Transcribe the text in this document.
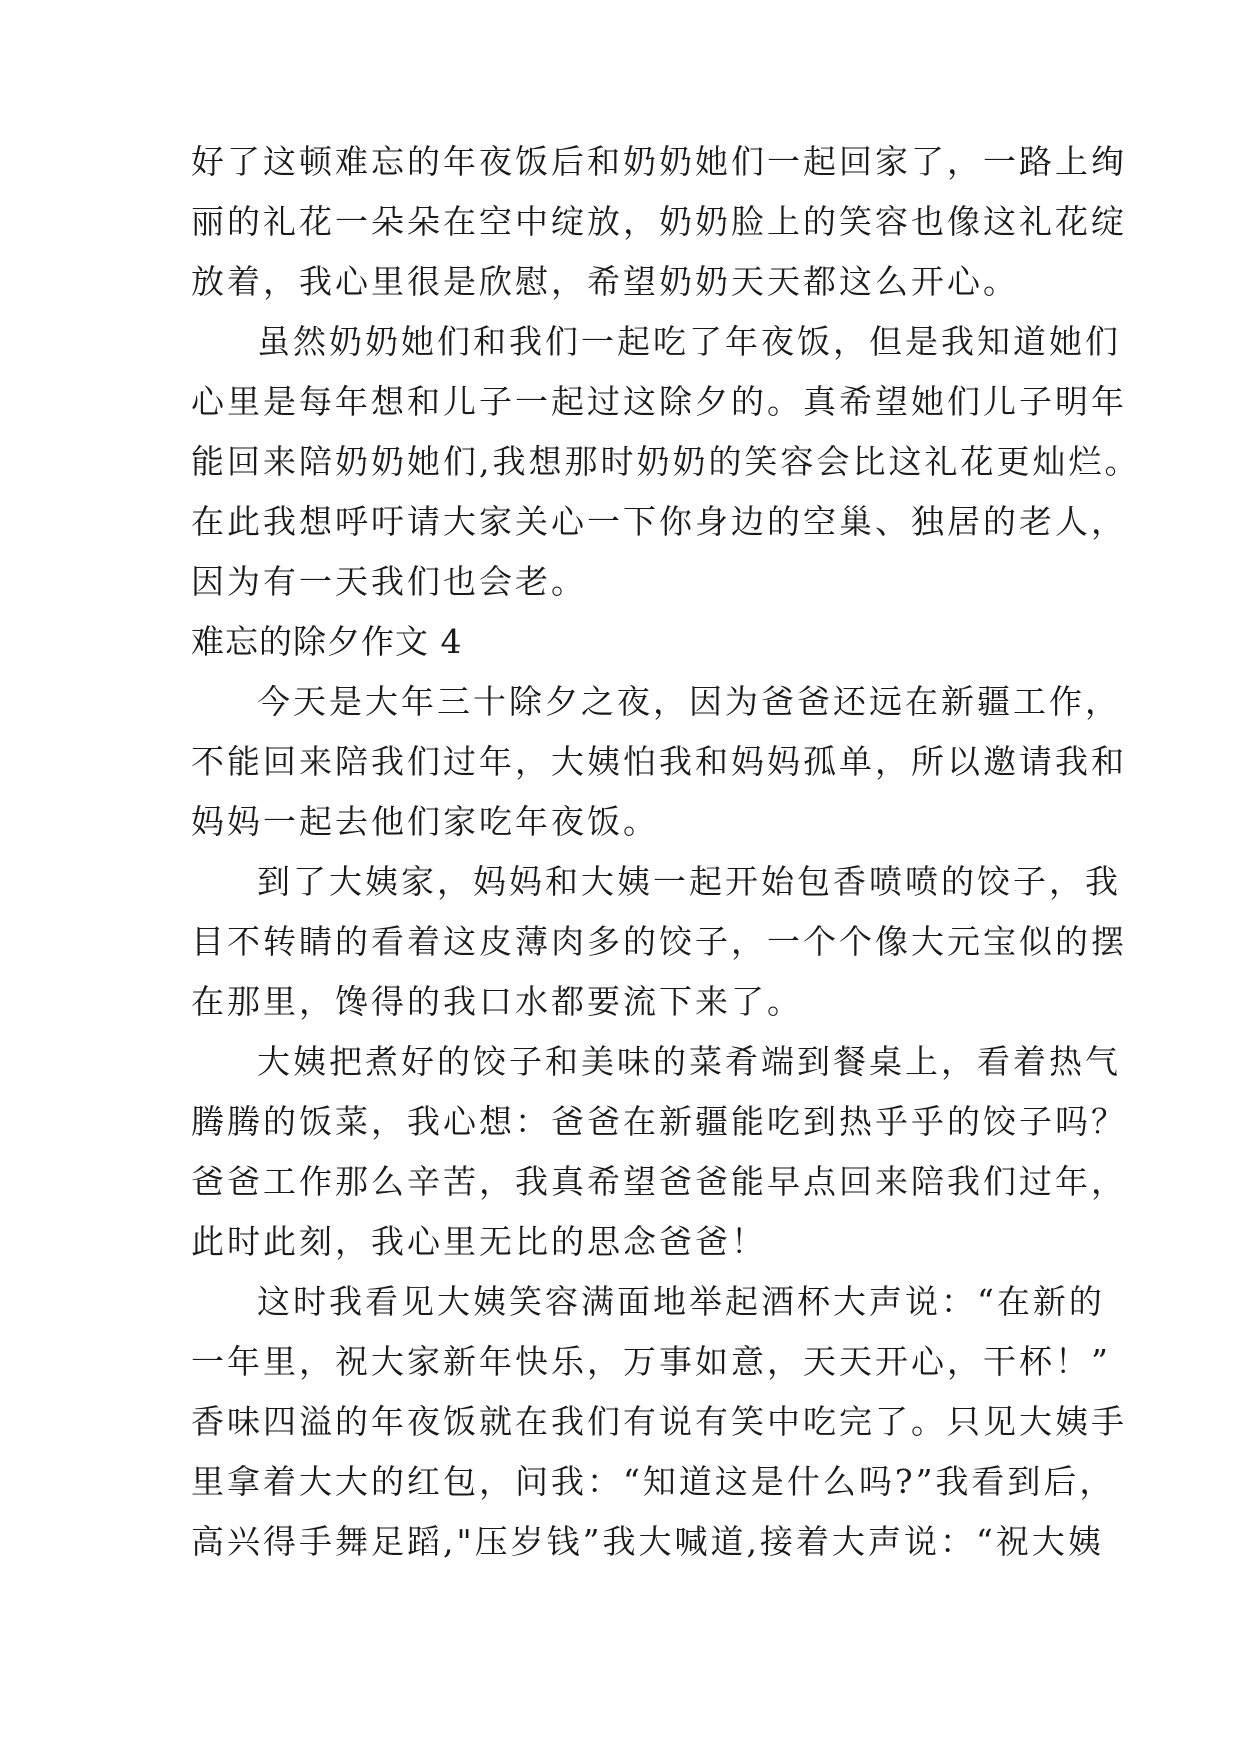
好了这顿难忘的年夜饭后和奶奶她们一起回家了，一路上绚
丽的礼花一朵朵在空中绽放，奶奶脸上的笑容也像这礼花绽
放着，我心里很是欣慰，希望奶奶天天都这么开心。
虽然奶奶她们和我们一起吃了年夜饭，但是我知道她们
心里是每年想和儿子一起过这除夕的。真希望她们儿子明年
能回来陪奶奶她们,我想那时奶奶的笑容会比这礼花更灿烂。
在此我想呼吁请大家关心一下你身边的空巢、独居的老人，
因为有一天我们也会老。
难忘的除夕作文 4
今天是大年三十除夕之夜，因为爸爸还远在新疆工作，
不能回来陪我们过年，大姨怕我和妈妈孤单，所以邀请我和
妈妈一起去他们家吃年夜饭。
到了大姨家，妈妈和大姨一起开始包香喷喷的饺子，我
目不转睛的看着这皮薄肉多的饺子，一个个像大元宝似的摆
在那里，馋得的我口水都要流下来了。
大姨把煮好的饺子和美味的菜肴端到餐桌上，看着热气
腾腾的饭菜，我心想：爸爸在新疆能吃到热乎乎的饺子吗？
爸爸工作那么辛苦，我真希望爸爸能早点回来陪我们过年，
此时此刻，我心里无比的思念爸爸！
这时我看见大姨笑容满面地举起酒杯大声说：“在新的
一年里，祝大家新年快乐，万事如意，天天开心，干杯！”
香味四溢的年夜饭就在我们有说有笑中吃完了。只见大姨手
里拿着大大的红包，问我：“知道这是什么吗?”我看到后，
高兴得手舞足蹈,"压岁钱”我大喊道,接着大声说：“祝大姨
